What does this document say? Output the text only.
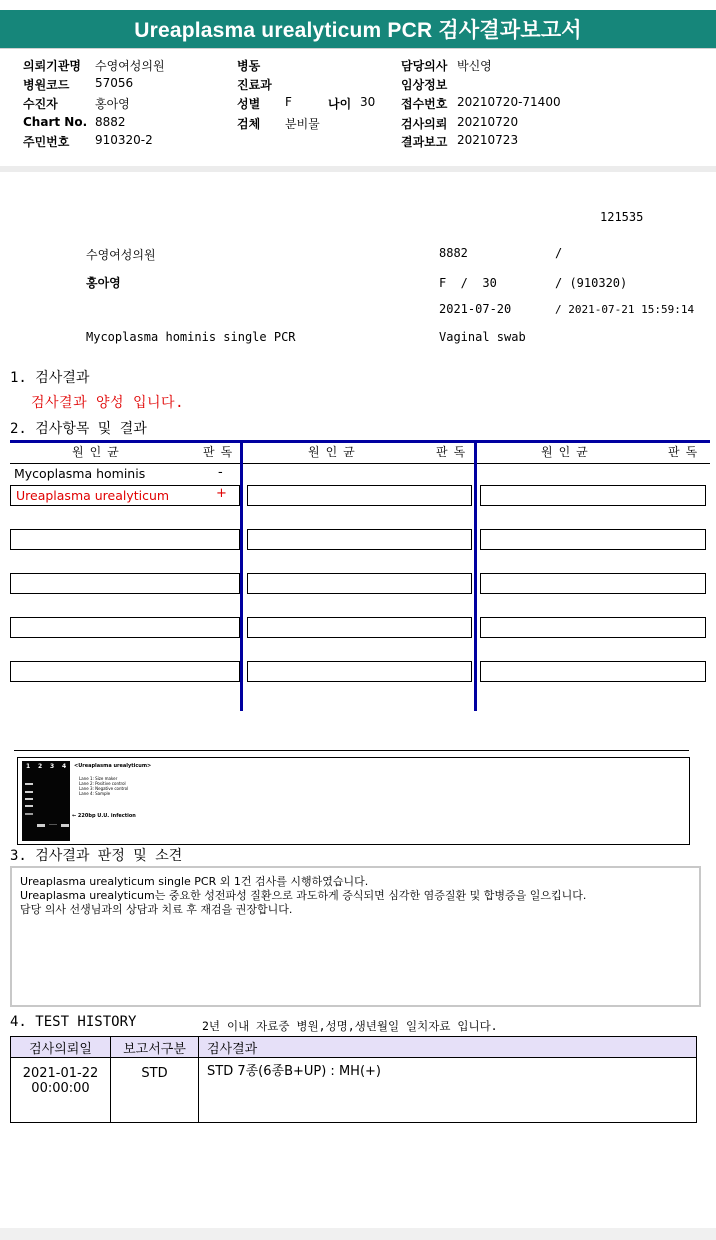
Ureaplasma urealyticum PCR 검사결과보고서
의뢰기관명 수영여성의원
병원코드 57056
수진자	홍아영
Chart No. 8882
주민번호 910320-2
병동
진료과
성별 F	나이 30
검체 분비물
담당의사 박신영
임상정보
접수번호 20210720-71400
검사의뢰 20210720
결과보고 20210723
121535
수영여성의원	8882	/
홍아영	F  /  30	/ (910320)
2021-07-20	/ 2021-07-21 15:59:14
Mycoplasma hominis single PCR	Vaginal swab
1. 검사결과
검사결과 양성 입니다.
2. 검사항목 및 결과
원인균	판독	원인균	판독	원인균	판독
Mycoplasma hominis	-
Ureaplasma urealyticum	+
1 2 3 4 <Ureaplasma urealyticum>
Lane 1: Size maker
Lane 2: Positive control
Lane 3: Negative control
Lane 4: Sample
← 220bp U.U. infection
3. 검사결과 판정 및 소견

Ureaplasma urealyticum single PCR 외 1건 검사를 시행하였습니다.

Ureaplasma urealyticum는 중요한 성전파성 질환으로 과도하게 증식되면 심각한 염증질환 및 합병증을 일으킵니다.

담당 의사 선생님과의 상담과 치료 후 재검을 권장합니다.

4. TEST HISTORY	2년 이내 자료중 병원,성명,생년월일 일치자료 입니다.
검사의뢰일	보고서구분	검사결과

2021-01-22
00:00:00	STD	STD 7종(6종B+UP) : MH(+)
